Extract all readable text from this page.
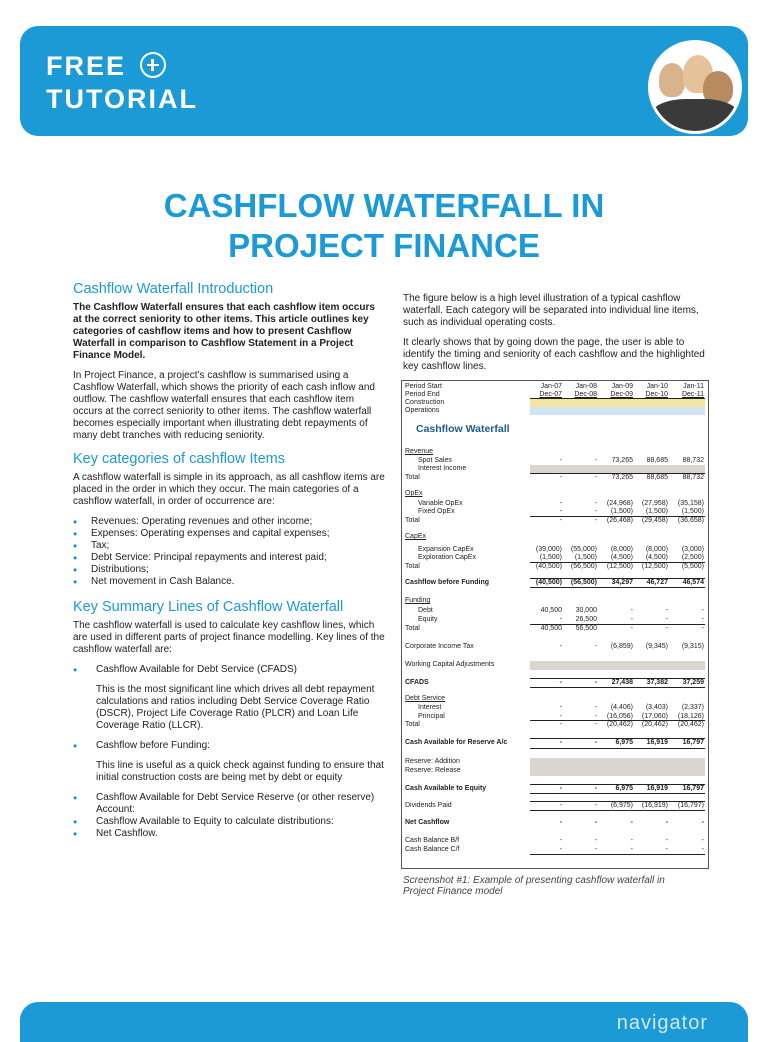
FREE
TUTORIAL
CASHFLOW WATERFALL IN
PROJECT FINANCE
Cashflow Waterfall Introduction

The Cashflow Waterfall ensures that each cashflow item occurs at the correct seniority to other items. This article outlines key categories of cashflow items and how to present Cashflow Waterfall in comparison to Cashflow Statement in a Project Finance Model.

In Project Finance, a project’s cashflow is summarised using a Cashflow Waterfall, which shows the priority of each cash inflow and outflow. The cashflow waterfall ensures that each cashflow item occurs at the correct seniority to other items. The cashflow waterfall becomes especially important when illustrating debt repayments of many debt tranches with reducing seniority.

Key categories of cashflow Items

A cashflow waterfall is simple in its approach, as all cashflow items are placed in the order in which they occur. The main categories of a cashflow waterfall, in order of occurrence are:

• Revenues: Operating revenues and other income;
• Expenses: Operating expenses and capital expenses;
• Tax;
• Debt Service: Principal repayments and interest paid;
• Distributions;
• Net movement in Cash Balance.
Key Summary Lines of Cashflow Waterfall

The cashflow waterfall is used to calculate key cashflow lines, which are used in different parts of project finance modelling. Key lines of the cashflow waterfall are:

• Cashflow Available for Debt Service (CFADS)
This is the most significant line which drives all debt repayment calculations and ratios including Debt Service Coverage Ratio (DSCR), Project Life Coverage Ratio (PLCR) and Loan Life Coverage Ratio (LLCR).
• Cashflow before Funding:
This line is useful as a quick check against funding to ensure that initial construction costs are being met by debt or equity
• Cashflow Available for Debt Service Reserve (or other reserve) Account:
• Cashflow Available to Equity to calculate distributions:
• Net Cashflow.

The figure below is a high level illustration of a typical cashflow waterfall. Each category will be separated into individual line items, such as individual operating costs.

It clearly shows that by going down the page, the user is able to identify the timing and seniority of each cashflow and the highlighted key cashflow lines.

Cashflow Waterfall
Period Start	Jan-07	Jan-08	Jan-09	Jan-10	Jan-11
Period End	Dec-07	Dec-08	Dec-09	Dec-10	Dec-11
Construction
Operations
Revenue
Spot Sales	-	-	73,265	88,685	88,732
Interest Income
Total	-	-	73,265	88,685	88,732
OpEx
Variable OpEx	-	-	(24,968)	(27,958)	(35,158)
Fixed OpEx	-	-	(1,500)	(1,500)	(1,500)
Total	-	-	(26,468)	(29,458)	(36,658)
CapEx
Expansion CapEx	(39,000)	(55,000)	(8,000)	(8,000)	(3,000)
Exploration CapEx	(1,500)	(1,500)	(4,500)	(4,500)	(2,500)
Total	(40,500)	(56,500)	(12,500)	(12,500)	(5,500)
Cashflow before Funding	(40,500)	(56,500)	34,297	46,727	46,574
Funding
Debt	40,500	30,000	-	-	-
Equity	-	26,500	-	-	-
Total	40,500	56,500	-	-	-
Corporate Income Tax	-	-	(6,859)	(9,345)	(9,315)
Working Capital Adjustments
CFADS	-	-	27,438	37,382	37,259
Debt Service
Interest	-	-	(4,406)	(3,403)	(2,337)
Principal	-	-	(16,056)	(17,060)	(18,126)
Total	-	-	(20,462)	(20,462)	(20,462)
Cash Available for Reserve A/c	-	-	6,975	16,919	16,797
Reserve: Addition
Reserve: Release
Cash Available to Equity	-	-	6,975	16,919	16,797
Dividends Paid	-	-	(6,975)	(16,919)	(16,797)
Net Cashflow	-	-	-	-	-
Cash Balance B/f	-	-	-	-	-
Cash Balance C/f	-	-	-	-	-
Screenshot #1: Example of presenting cashflow waterfall in Project Finance model
navigator
